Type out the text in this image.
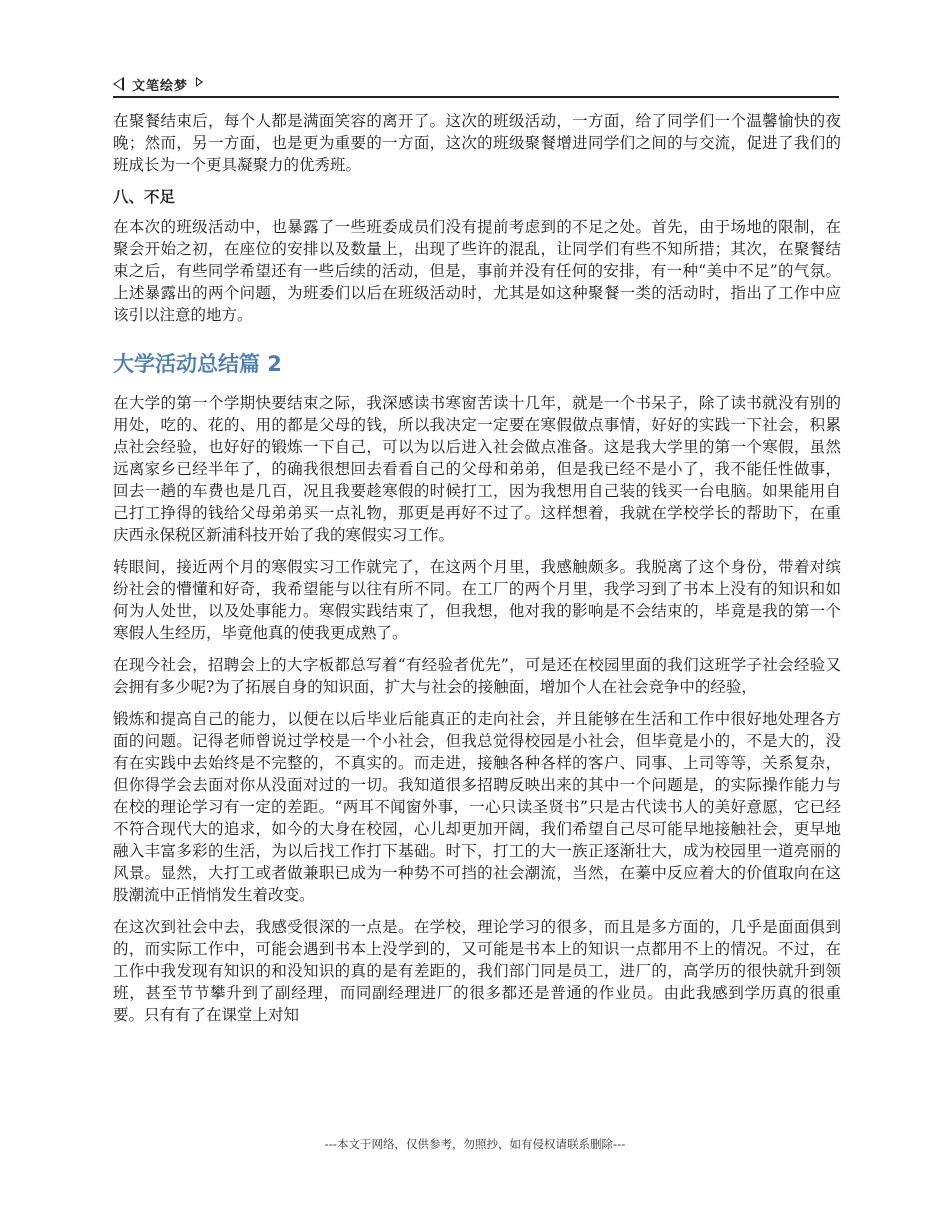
文笔绘梦

在聚餐结束后，每个人都是满面笑容的离开了。这次的班级活动，一方面，给了同学们一个温馨愉快的夜晚；然而，另一方面，也是更为重要的一方面，这次的班级聚餐增进同学们之间的与交流，促进了我们的班成长为一个更具凝聚力的优秀班。

八、不足

在本次的班级活动中，也暴露了一些班委成员们没有提前考虑到的不足之处。首先，由于场地的限制，在聚会开始之初，在座位的安排以及数量上，出现了些许的混乱，让同学们有些不知所措；其次，在聚餐结束之后，有些同学希望还有一些后续的活动，但是，事前并没有任何的安排，有一种“美中不足”的气氛。上述暴露出的两个问题，为班委们以后在班级活动时，尤其是如这种聚餐一类的活动时，指出了工作中应该引以注意的地方。

大学活动总结篇 2

在大学的第一个学期快要结束之际，我深感读书寒窗苦读十几年，就是一个书呆子，除了读书就没有别的用处，吃的、花的、用的都是父母的钱，所以我决定一定要在寒假做点事情，好好的实践一下社会，积累点社会经验，也好好的锻炼一下自己，可以为以后进入社会做点准备。这是我大学里的第一个寒假，虽然远离家乡已经半年了，的确我很想回去看看自己的父母和弟弟，但是我已经不是小了，我不能任性做事，回去一趟的车费也是几百，况且我要趁寒假的时候打工，因为我想用自己装的钱买一台电脑。如果能用自己打工挣得的钱给父母弟弟买一点礼物，那更是再好不过了。这样想着，我就在学校学长的帮助下，在重庆西永保税区新浦科技开始了我的寒假实习工作。

转眼间，接近两个月的寒假实习工作就完了，在这两个月里，我感触颇多。我脱离了这个身份，带着对缤纷社会的懵懂和好奇，我希望能与以往有所不同。在工厂的两个月里，我学习到了书本上没有的知识和如何为人处世，以及处事能力。寒假实践结束了，但我想，他对我的影响是不会结束的，毕竟是我的第一个寒假人生经历，毕竟他真的使我更成熟了。

在现今社会，招聘会上的大字板都总写着“有经验者优先”，可是还在校园里面的我们这班学子社会经验又会拥有多少呢?为了拓展自身的知识面，扩大与社会的接触面，增加个人在社会竞争中的经验，

锻炼和提高自己的能力，以便在以后毕业后能真正的走向社会，并且能够在生活和工作中很好地处理各方面的问题。记得老师曾说过学校是一个小社会，但我总觉得校园是小社会，但毕竟是小的，不是大的，没有在实践中去始终是不完整的，不真实的。而走进，接触各种各样的客户、同事、上司等等，关系复杂，但你得学会去面对你从没面对过的一切。我知道很多招聘反映出来的其中一个问题是，的实际操作能力与在校的理论学习有一定的差距。“两耳不闻窗外事，一心只读圣贤书”只是古代读书人的美好意愿，它已经不符合现代大的追求，如今的大身在校园，心儿却更加开阔，我们希望自己尽可能早地接触社会，更早地融入丰富多彩的生活，为以后找工作打下基础。时下，打工的大一族正逐渐壮大，成为校园里一道亮丽的风景。显然，大打工或者做兼职已成为一种势不可挡的社会潮流，当然，在蓁中反应着大的价值取向在这股潮流中正悄悄发生着改变。

在这次到社会中去，我感受很深的一点是。在学校，理论学习的很多，而且是多方面的，几乎是面面俱到的，而实际工作中，可能会遇到书本上没学到的，又可能是书本上的知识一点都用不上的情况。不过，在工作中我发现有知识的和没知识的真的是有差距的，我们部门同是员工，进厂的，高学历的很快就升到领班，甚至节节攀升到了副经理，而同副经理进厂的很多都还是普通的作业员。由此我感到学历真的很重要。只有有了在课堂上对知

---本文于网络，仅供参考，勿照抄，如有侵权请联系删除---
